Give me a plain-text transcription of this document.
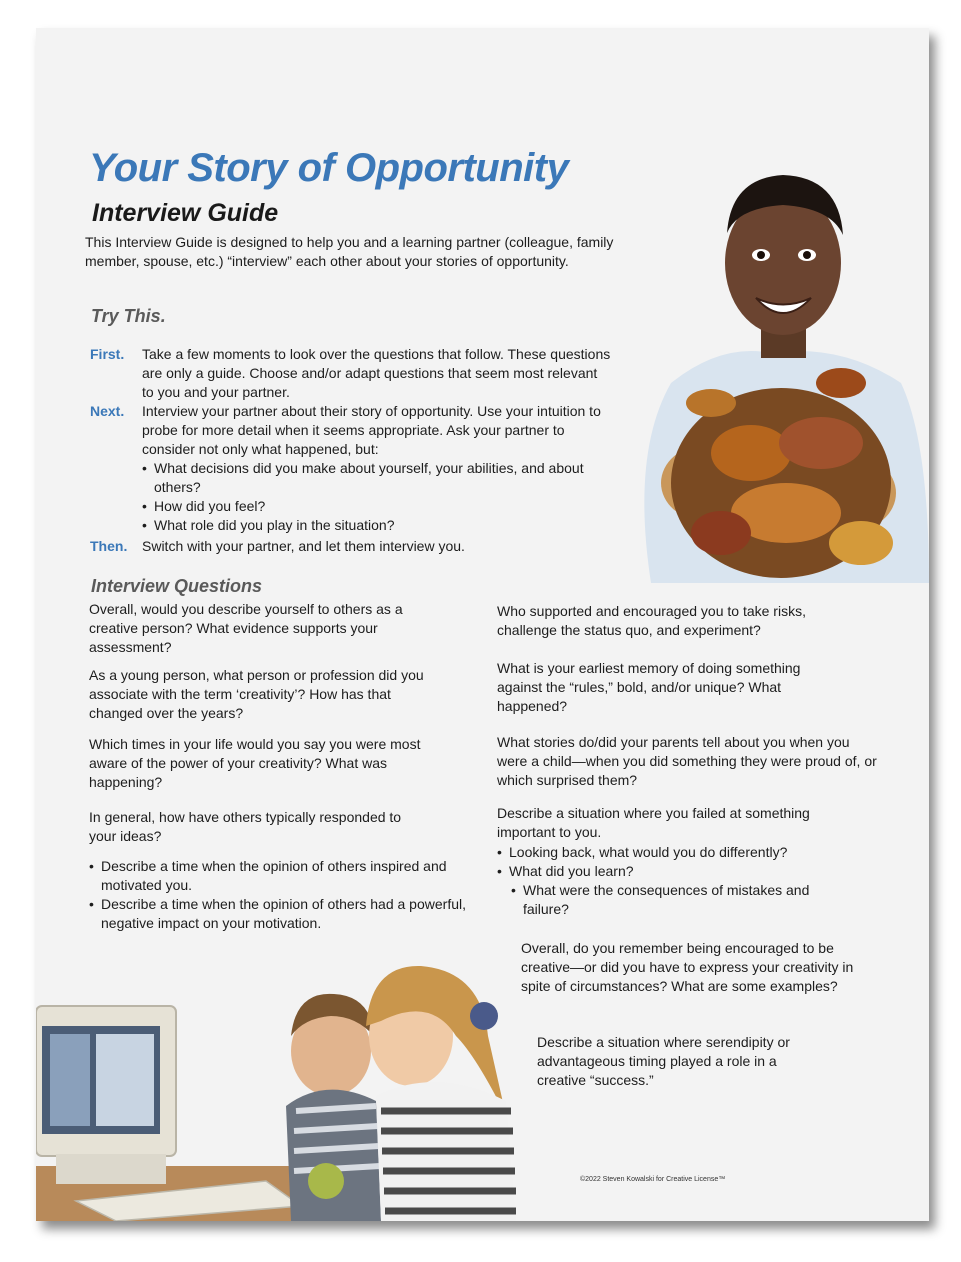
Your Story of Opportunity
Interview Guide

This Interview Guide is designed to help you and a learning partner (colleague, family member, spouse, etc.) “interview” each other about your stories of opportunity.

Try This.
First. Take a few moments to look over the questions that follow. These questions are only a guide. Choose and/or adapt questions that seem most relevant to you and your partner.

Next. Interview your partner about their story of opportunity. Use your intuition to probe for more detail when it seems appropriate. Ask your partner to consider not only what happened, but:

• What decisions did you make about yourself, your abilities, and about others?
• How did you feel?
• What role did you play in the situation?
Then. Switch with your partner, and let them interview you.

Interview Questions

Overall, would you describe yourself to others as a creative person? What evidence supports your assessment?

As a young person, what person or profession did you associate with the term ‘creativity’? How has that changed over the years?

Which times in your life would you say you were most aware of the power of your creativity? What was happening?

In general, how have others typically responded to your ideas?

• Describe a time when the opinion of others inspired and motivated you.
• Describe a time when the opinion of others had a powerful, negative impact on your motivation.

Who supported and encouraged you to take risks, challenge the status quo, and experiment?

What is your earliest memory of doing something against the “rules,” bold, and/or unique? What happened?

What stories do/did your parents tell about you when you were a child—when you did something they were proud of, or which surprised them?

Describe a situation where you failed at something important to you.

• Looking back, what would you do differently?
• What did you learn?
• What were the consequences of mistakes and failure?

Overall, do you remember being encouraged to be creative—or did you have to express your creativity in spite of circumstances? What are some examples?

Describe a situation where serendipity or advantageous timing played a role in a creative “success.”

©2022 Steven Kowalski for Creative License™
